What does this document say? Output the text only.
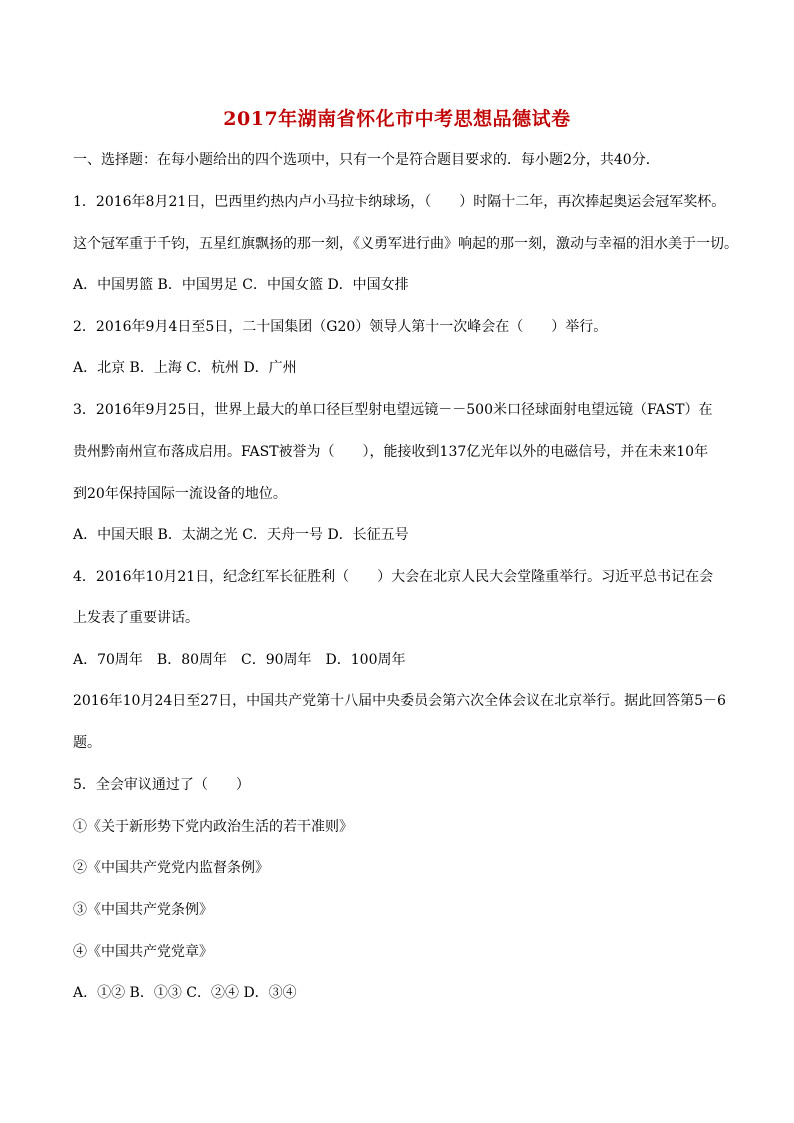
2017年湖南省怀化市中考思想品德试卷
一、选择题：在每小题给出的四个选项中，只有一个是符合题目要求的．每小题2分，共40分．
1．2016年8月21日，巴西里约热内卢小马拉卡纳球场，（　　）时隔十二年，再次捧起奥运会冠军奖杯。
这个冠军重于千钧，五星红旗飘扬的那一刻，《义勇军进行曲》响起的那一刻，激动与幸福的泪水美于一切。
A．中国男篮 B．中国男足 C．中国女篮 D．中国女排
2．2016年9月4日至5日，二十国集团（G20）领导人第十一次峰会在（　　）举行。
A．北京 B．上海 C．杭州 D．广州
3．2016年9月25日，世界上最大的单口径巨型射电望远镜－－500米口径球面射电望远镜（FAST）在
贵州黔南州宣布落成启用。FAST被誉为（　　），能接收到137亿光年以外的电磁信号，并在未来10年
到20年保持国际一流设备的地位。
A．中国天眼 B．太湖之光 C．天舟一号 D．长征五号
4．2016年10月21日，纪念红军长征胜利（　　）大会在北京人民大会堂隆重举行。习近平总书记在会
上发表了重要讲话。
A．70周年　B．80周年　C．90周年　D．100周年
2016年10月24日至27日，中国共产党第十八届中央委员会第六次全体会议在北京举行。据此回答第5－6
题。
5．全会审议通过了（　　）
①《关于新形势下党内政治生活的若干准则》
②《中国共产党党内监督条例》
③《中国共产党条例》
④《中国共产党党章》
A．①② B．①③ C．②④ D．③④
